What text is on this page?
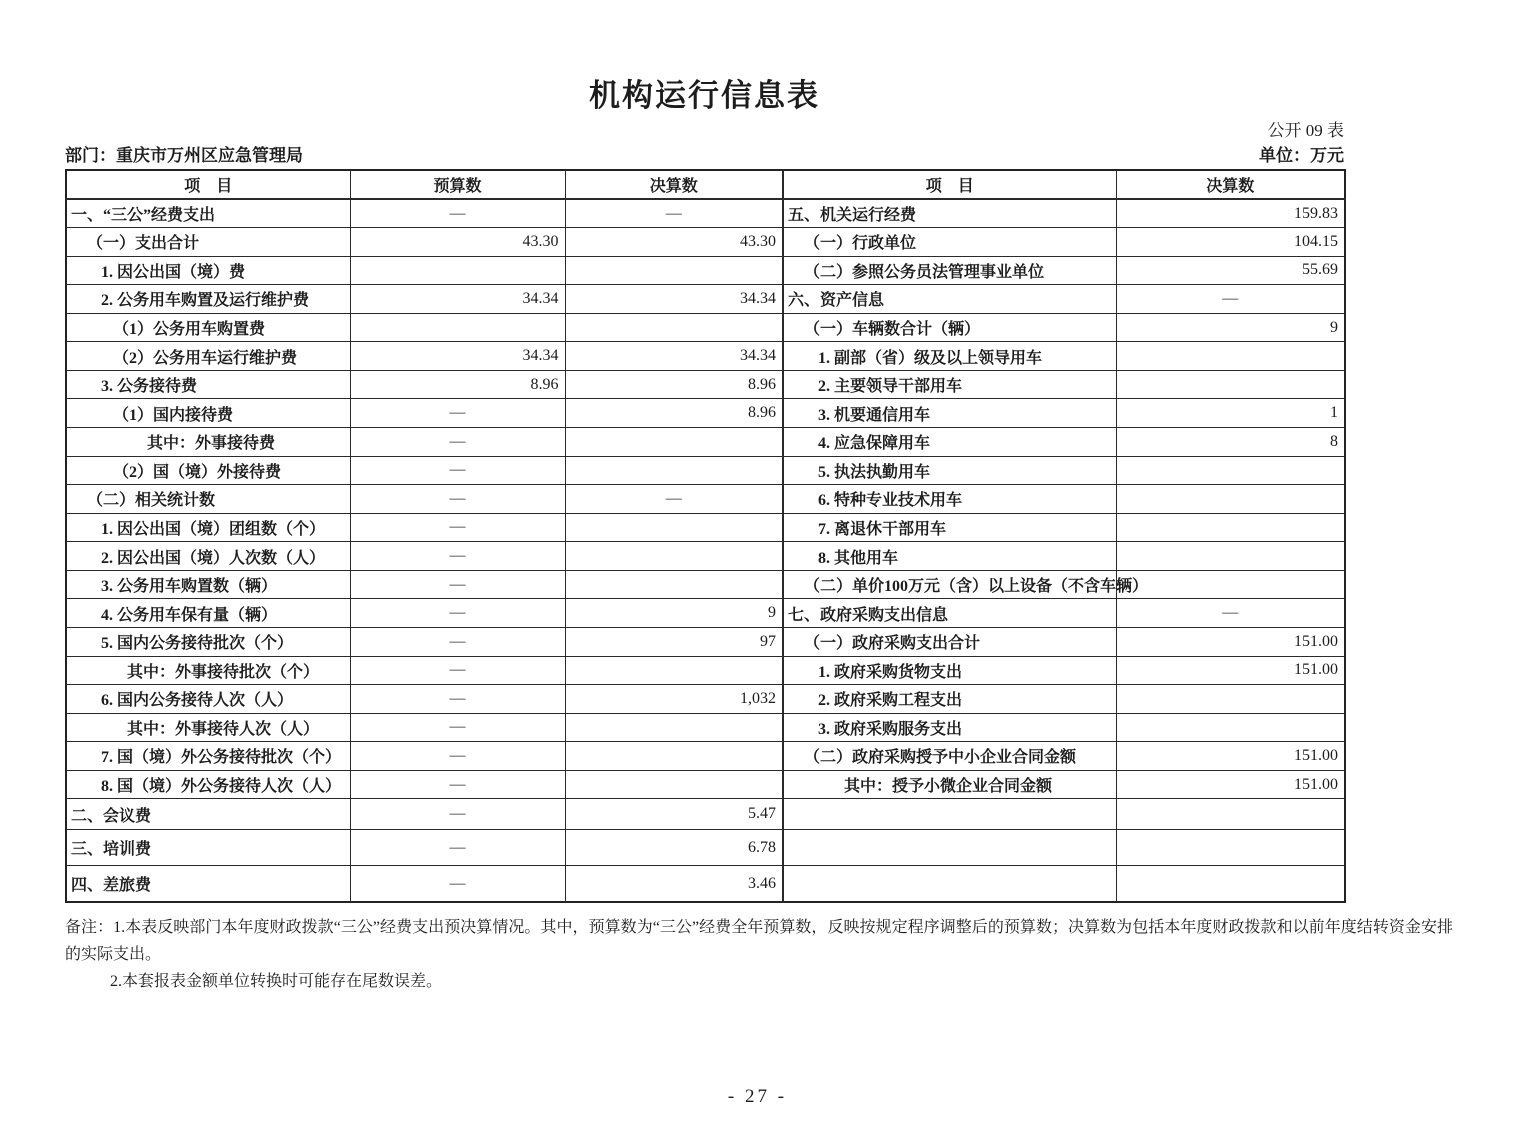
机构运行信息表
公开 09 表
部门：重庆市万州区应急管理局	单位：万元
项　目	预算数	决算数	项　目	决算数
一、“三公”经费支出	—	—	五、机关运行经费	159.83
（一）支出合计	43.30	43.30	（一）行政单位	104.15
1. 因公出国（境）费			（二）参照公务员法管理事业单位	55.69
2. 公务用车购置及运行维护费	34.34	34.34	六、资产信息	—
（1）公务用车购置费			（一）车辆数合计（辆）	9
（2）公务用车运行维护费	34.34	34.34	1. 副部（省）级及以上领导用车	
3. 公务接待费	8.96	8.96	2. 主要领导干部用车	
（1）国内接待费	—	8.96	3. 机要通信用车	1
其中：外事接待费	—		4. 应急保障用车	8
（2）国（境）外接待费	—		5. 执法执勤用车	
（二）相关统计数	—	—	6. 特种专业技术用车	
1. 因公出国（境）团组数（个）	—		7. 离退休干部用车	
2. 因公出国（境）人次数（人）	—		8. 其他用车	
3. 公务用车购置数（辆）	—		（二）单价100万元（含）以上设备（不含车辆）	
4. 公务用车保有量（辆）	—	9	七、政府采购支出信息	—
5. 国内公务接待批次（个）	—	97	（一）政府采购支出合计	151.00
其中：外事接待批次（个）	—		1. 政府采购货物支出	151.00
6. 国内公务接待人次（人）	—	1,032	2. 政府采购工程支出	
其中：外事接待人次（人）	—		3. 政府采购服务支出	
7. 国（境）外公务接待批次（个）	—		（二）政府采购授予中小企业合同金额	151.00
8. 国（境）外公务接待人次（人）	—		其中：授予小微企业合同金额	151.00
二、会议费	—	5.47		
三、培训费	—	6.78		
四、差旅费	—	3.46		
备注：1.本表反映部门本年度财政拨款“三公”经费支出预决算情况。其中，预算数为“三公”经费全年预算数，反映按规定程序调整后的预算数；决算数为包括本年度财政拨款和以前年度结转资金安排的实际支出。
2.本套报表金额单位转换时可能存在尾数误差。
- 27 -
